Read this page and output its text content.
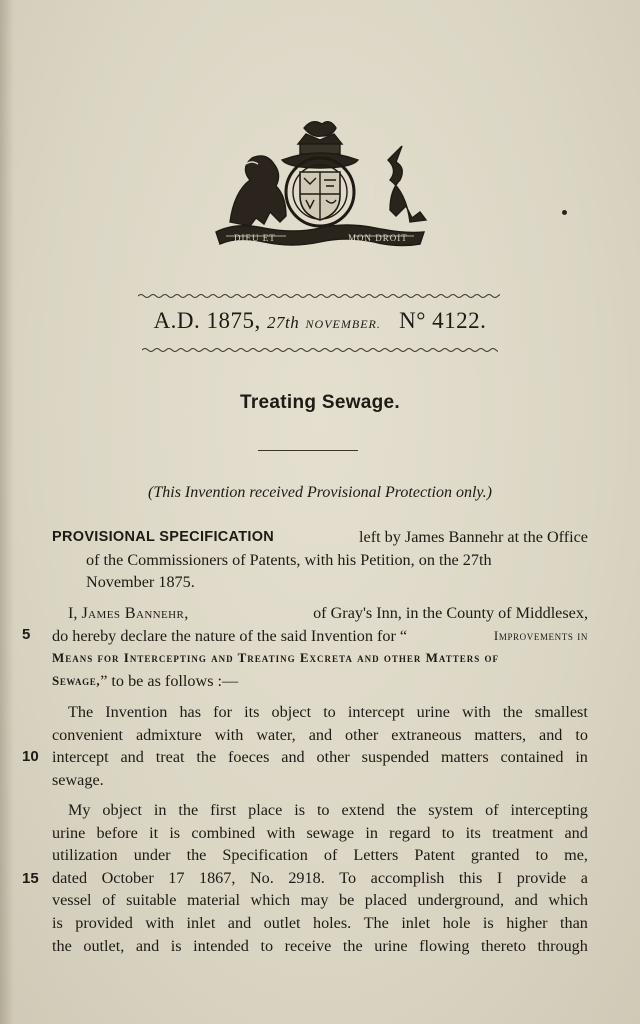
DIEU ET	MON DROIT
A.D. 1875, 27th NOVEMBER. N° 4122.
Treating Sewage.
(This Invention received Provisional Protection only.)
PROVISIONAL SPECIFICATION	left by James Bannehr at the Office
of the Commissioners of Patents, with his Petition, on the 27th
November 1875.
I, James Bannehr,	of Gray's Inn, in the County of Middlesex,
do hereby declare the nature of the said Invention for “	Improvements in
Means for Intercepting and Treating Excreta and other Matters of
Sewage, ” to be as follows :—
The Invention has for its object to intercept urine with the smallest
convenient admixture with water, and other extraneous matters, and to
intercept and treat the foeces and other suspended matters contained in
sewage.
My object in the first place is to extend the system of intercepting
urine before it is combined with sewage in regard to its treatment and
utilization under the Specification of Letters Patent granted to me,
dated October 17 1867, No. 2918. To accomplish this I provide a
vessel of suitable material which may be placed underground, and which
is provided with inlet and outlet holes. The inlet hole is higher than
the outlet, and is intended to receive the urine flowing thereto through
5
10
15
